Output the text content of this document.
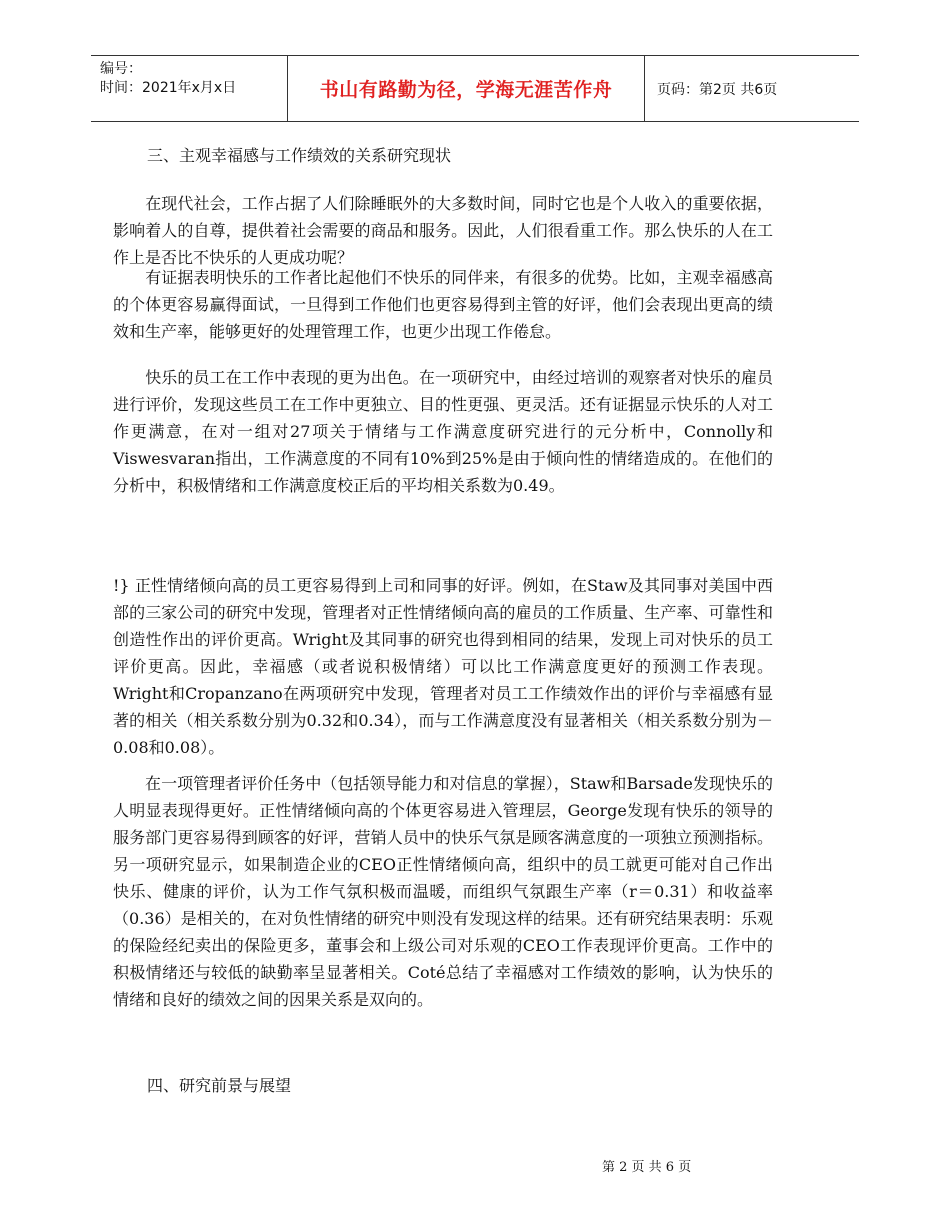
编号：
时间：2021年x月x日	书山有路勤为径，学海无涯苦作舟	页码：第2页 共6页

三、主观幸福感与工作绩效的关系研究现状

　　在现代社会，工作占据了人们除睡眠外的大多数时间，同时它也是个人收入的重要依据，影响着人的自尊，提供着社会需要的商品和服务。因此，人们很看重工作。那么快乐的人在工作上是否比不快乐的人更成功呢？

　　有证据表明快乐的工作者比起他们不快乐的同伴来，有很多的优势。比如，主观幸福感高的个体更容易赢得面试，一旦得到工作他们也更容易得到主管的好评，他们会表现出更高的绩效和生产率，能够更好的处理管理工作，也更少出现工作倦怠。

　　快乐的员工在工作中表现的更为出色。在一项研究中，由经过培训的观察者对快乐的雇员进行评价，发现这些员工在工作中更独立、目的性更强、更灵活。还有证据显示快乐的人对工作更满意，在对一组对27项关于情绪与工作满意度研究进行的元分析中，Connolly和Viswesvaran指出，工作满意度的不同有10%到25%是由于倾向性的情绪造成的。在他们的分析中，积极情绪和工作满意度校正后的平均相关系数为0.49。

!} 正性情绪倾向高的员工更容易得到上司和同事的好评。例如，在Staw及其同事对美国中西部的三家公司的研究中发现，管理者对正性情绪倾向高的雇员的工作质量、生产率、可靠性和创造性作出的评价更高。Wright及其同事的研究也得到相同的结果，发现上司对快乐的员工评价更高。因此，幸福感（或者说积极情绪）可以比工作满意度更好的预测工作表现。Wright和Cropanzano在两项研究中发现，管理者对员工工作绩效作出的评价与幸福感有显著的相关（相关系数分别为0.32和0.34），而与工作满意度没有显著相关（相关系数分别为－0.08和0.08）。

　　在一项管理者评价任务中（包括领导能力和对信息的掌握），Staw和Barsade发现快乐的人明显表现得更好。正性情绪倾向高的个体更容易进入管理层，George发现有快乐的领导的服务部门更容易得到顾客的好评，营销人员中的快乐气氛是顾客满意度的一项独立预测指标。另一项研究显示，如果制造企业的CEO正性情绪倾向高，组织中的员工就更可能对自己作出快乐、健康的评价，认为工作气氛积极而温暖，而组织气氛跟生产率（r＝0.31）和收益率（0.36）是相关的，在对负性情绪的研究中则没有发现这样的结果。还有研究结果表明：乐观的保险经纪卖出的保险更多，董事会和上级公司对乐观的CEO工作表现评价更高。工作中的积极情绪还与较低的缺勤率呈显著相关。Coté总结了幸福感对工作绩效的影响，认为快乐的情绪和良好的绩效之间的因果关系是双向的。

四、研究前景与展望

第 2 页 共 6 页
